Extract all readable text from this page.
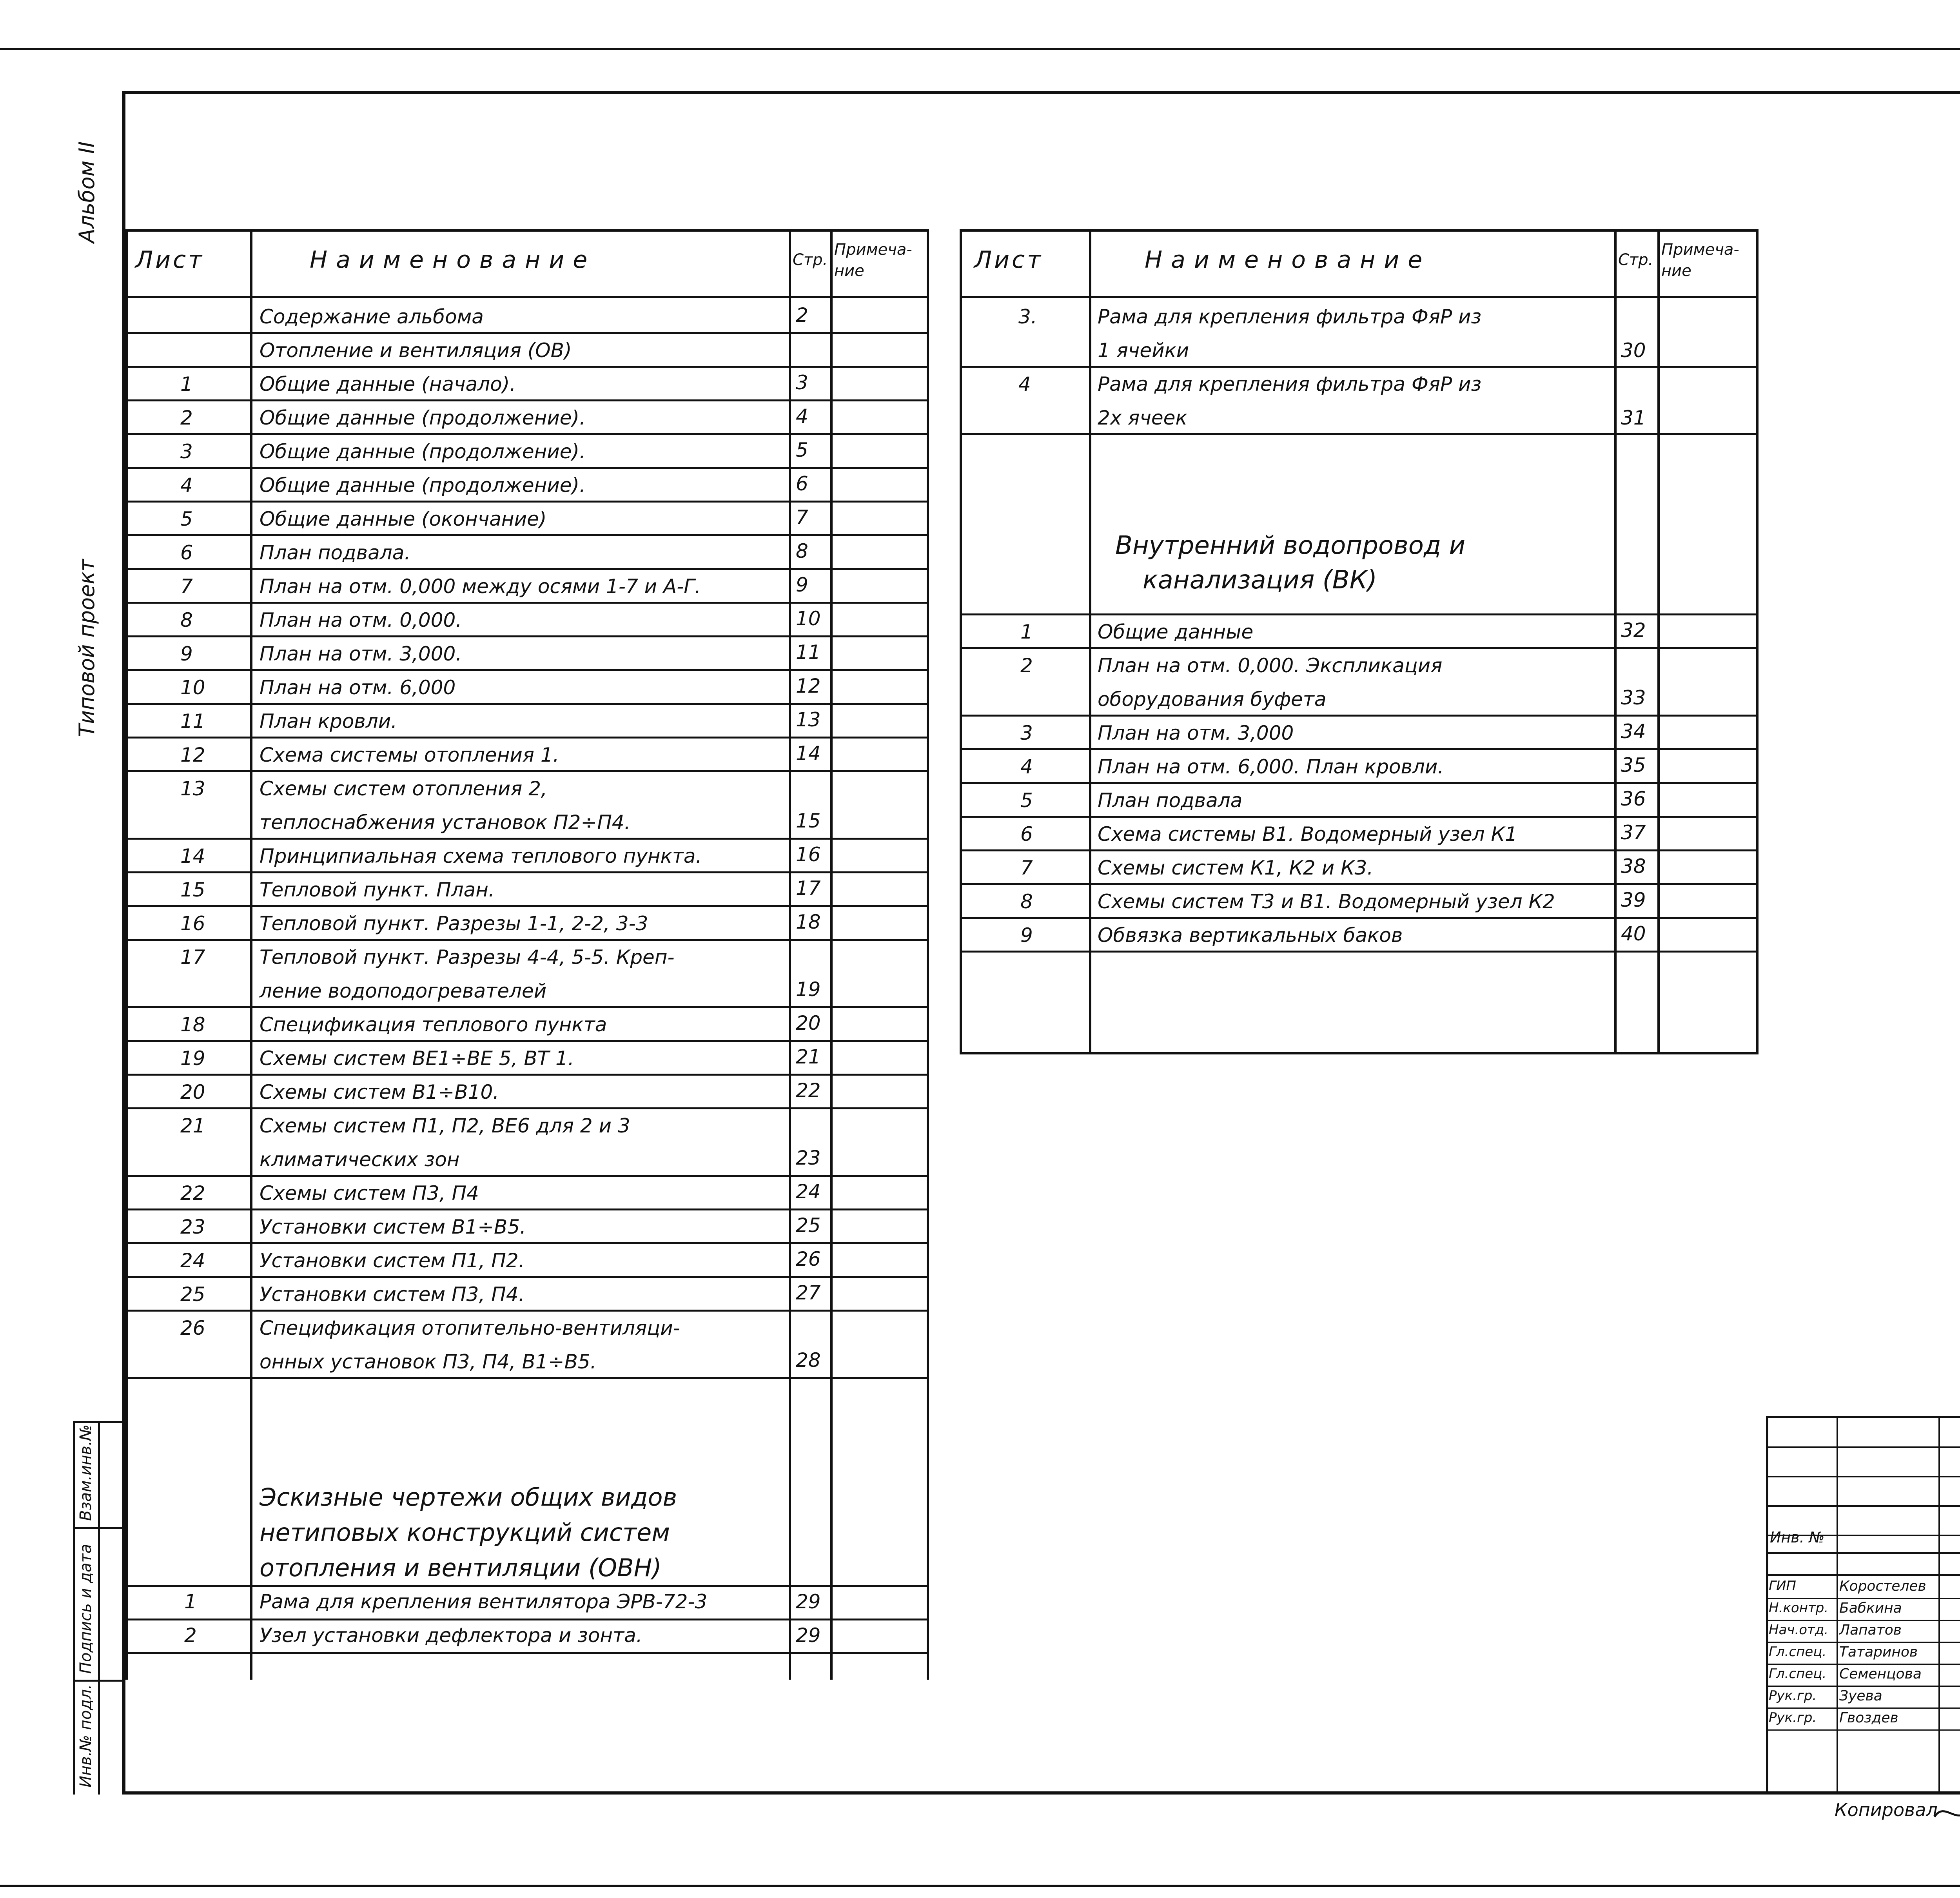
Альбом II
Типовой проект
Взам.инв.№
Подпись и дата
Инв.№ подл.
Лист	Наименование	Стр.
Примеча-ние
Содержание альбома	2
Отопление и вентиляция (ОВ)
1	Общие данные (начало).	3
2	Общие данные (продолжение).	4
3	Общие данные (продолжение).	5
4	Общие данные (продолжение).	6
5	Общие данные (окончание)	7
6	План подвала.	8
7	План на отм. 0,000 между осями 1-7 и А-Г.	9
8	План на отм. 0,000.	10
9	План на отм. 3,000.	11
10	План на отм. 6,000	12
11	План кровли.	13
12	Схема системы отопления 1.	14
13	Схемы систем отопления 2,
теплоснабжения установок П2÷П4.	15
14	Принципиальная схема теплового пункта.	16
15	Тепловой пункт. План.	17
16	Тепловой пункт. Разрезы 1-1, 2-2, 3-3	18
17	Тепловой пункт. Разрезы 4-4, 5-5. Креп-
ление водоподогревателей	19
18	Спецификация теплового пункта	20
19	Схемы систем ВЕ1÷ВЕ 5, ВТ 1.	21
20	Схемы систем В1÷В10.	22
21	Схемы систем П1, П2, ВЕ6 для 2 и 3
климатических зон	23
22	Схемы систем П3, П4	24
23	Установки систем В1÷В5.	25
24	Установки систем П1, П2.	26
25	Установки систем П3, П4.	27
26	Спецификация отопительно-вентиляци-
онных установок П3, П4, В1÷В5.	28
Эскизные чертежи общих видов
нетиповых конструкций систем
отопления и вентиляции (ОВН)
1	Рама для крепления вентилятора ЭРВ-72-3	29
2	Узел установки дефлектора и зонта.	29
Лист	Наименование	Стр.
Примеча-ние
3.	Рама для крепления фильтра ФяР из
1 ячейки	30
4	Рама для крепления фильтра ФяР из
2х ячеек	31
Внутренний водопровод и
канализация (ВК)
1	Общие данные	32
2	План на отм. 0,000. Экспликация
оборудования буфета	33
3	План на отм. 3,000	34
4	План на отм. 6,000. План кровли.	35
5	План подвала	36
6	Схема системы В1. Водомерный узел К1	37
7	Схемы систем К1, К2 и К3.	38
8	Схемы систем Т3 и В1. Водомерный узел К2	39
9	Обвязка вертикальных баков	40
Инв. №
ГИП	Коростелев
Н.контр. Бабкина
Нач.отд. Лапатов
Гл.спец. Татаринов
Гл.спец. Семенцова
Рук.гр. Зуева
Рук.гр. Гвоздев
Копировал
